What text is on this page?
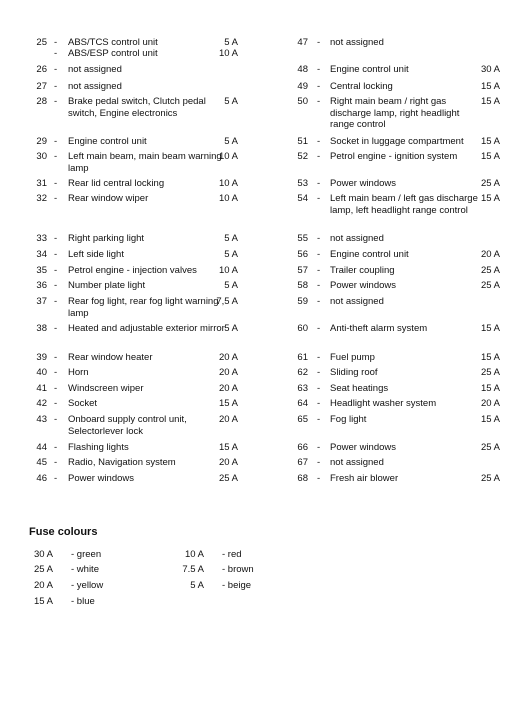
25 - ABS/TCS control unit	5 A
- ABS/ESP control unit	10 A
26 - not assigned
27 - not assigned
28 - Brake pedal switch, Clutch pedal switch, Engine electronics
5 A
29 - Engine control unit	5 A
30 - Left main beam, main beam warning lamp
10 A
31 - Rear lid central locking	10 A
32 - Rear window wiper	10 A
33 - Right parking light	5 A
34 - Left side light	5 A
35 - Petrol engine - injection valves	10 A
36 - Number plate light	5 A
37 - Rear fog light, rear fog light warning lamp
7,5 A
38 - Heated and adjustable exterior mirror 5 A
39 - Rear window heater	20 A
40 - Horn	20 A
41 - Windscreen wiper	20 A
42 - Socket	15 A
43 - Onboard supply control unit, Selectorlever lock
20 A
44 - Flashing lights	15 A
45 - Radio, Navigation system	20 A
46 - Power windows	25 A
47 - not assigned
48 - Engine control unit	30 A
49 - Central locking	15 A
50 - Right main beam / right gas discharge lamp, right headlight range control
15 A
51 - Socket in luggage compartment	15 A
52 - Petrol engine - ignition system	15 A
53 - Power windows	25 A
54 - Left main beam / left gas discharge lamp, left headlight range control
15 A
55 - not assigned
56 - Engine control unit	20 A
57 - Trailer coupling	25 A
58 - Power windows	25 A
59 - not assigned
60 - Anti-theft alarm system	15 A
61 - Fuel pump	15 A
62 - Sliding roof	25 A
63 - Seat heatings	15 A
64 - Headlight washer system	20 A
65 - Fog light	15 A
66 - Power windows	25 A
67 - not assigned
68 - Fresh air blower	25 A
Fuse colours
30 A - green
25 A - white
20 A - yellow
15 A - blue
10 A - red
7.5 A - brown
5 A - beige
